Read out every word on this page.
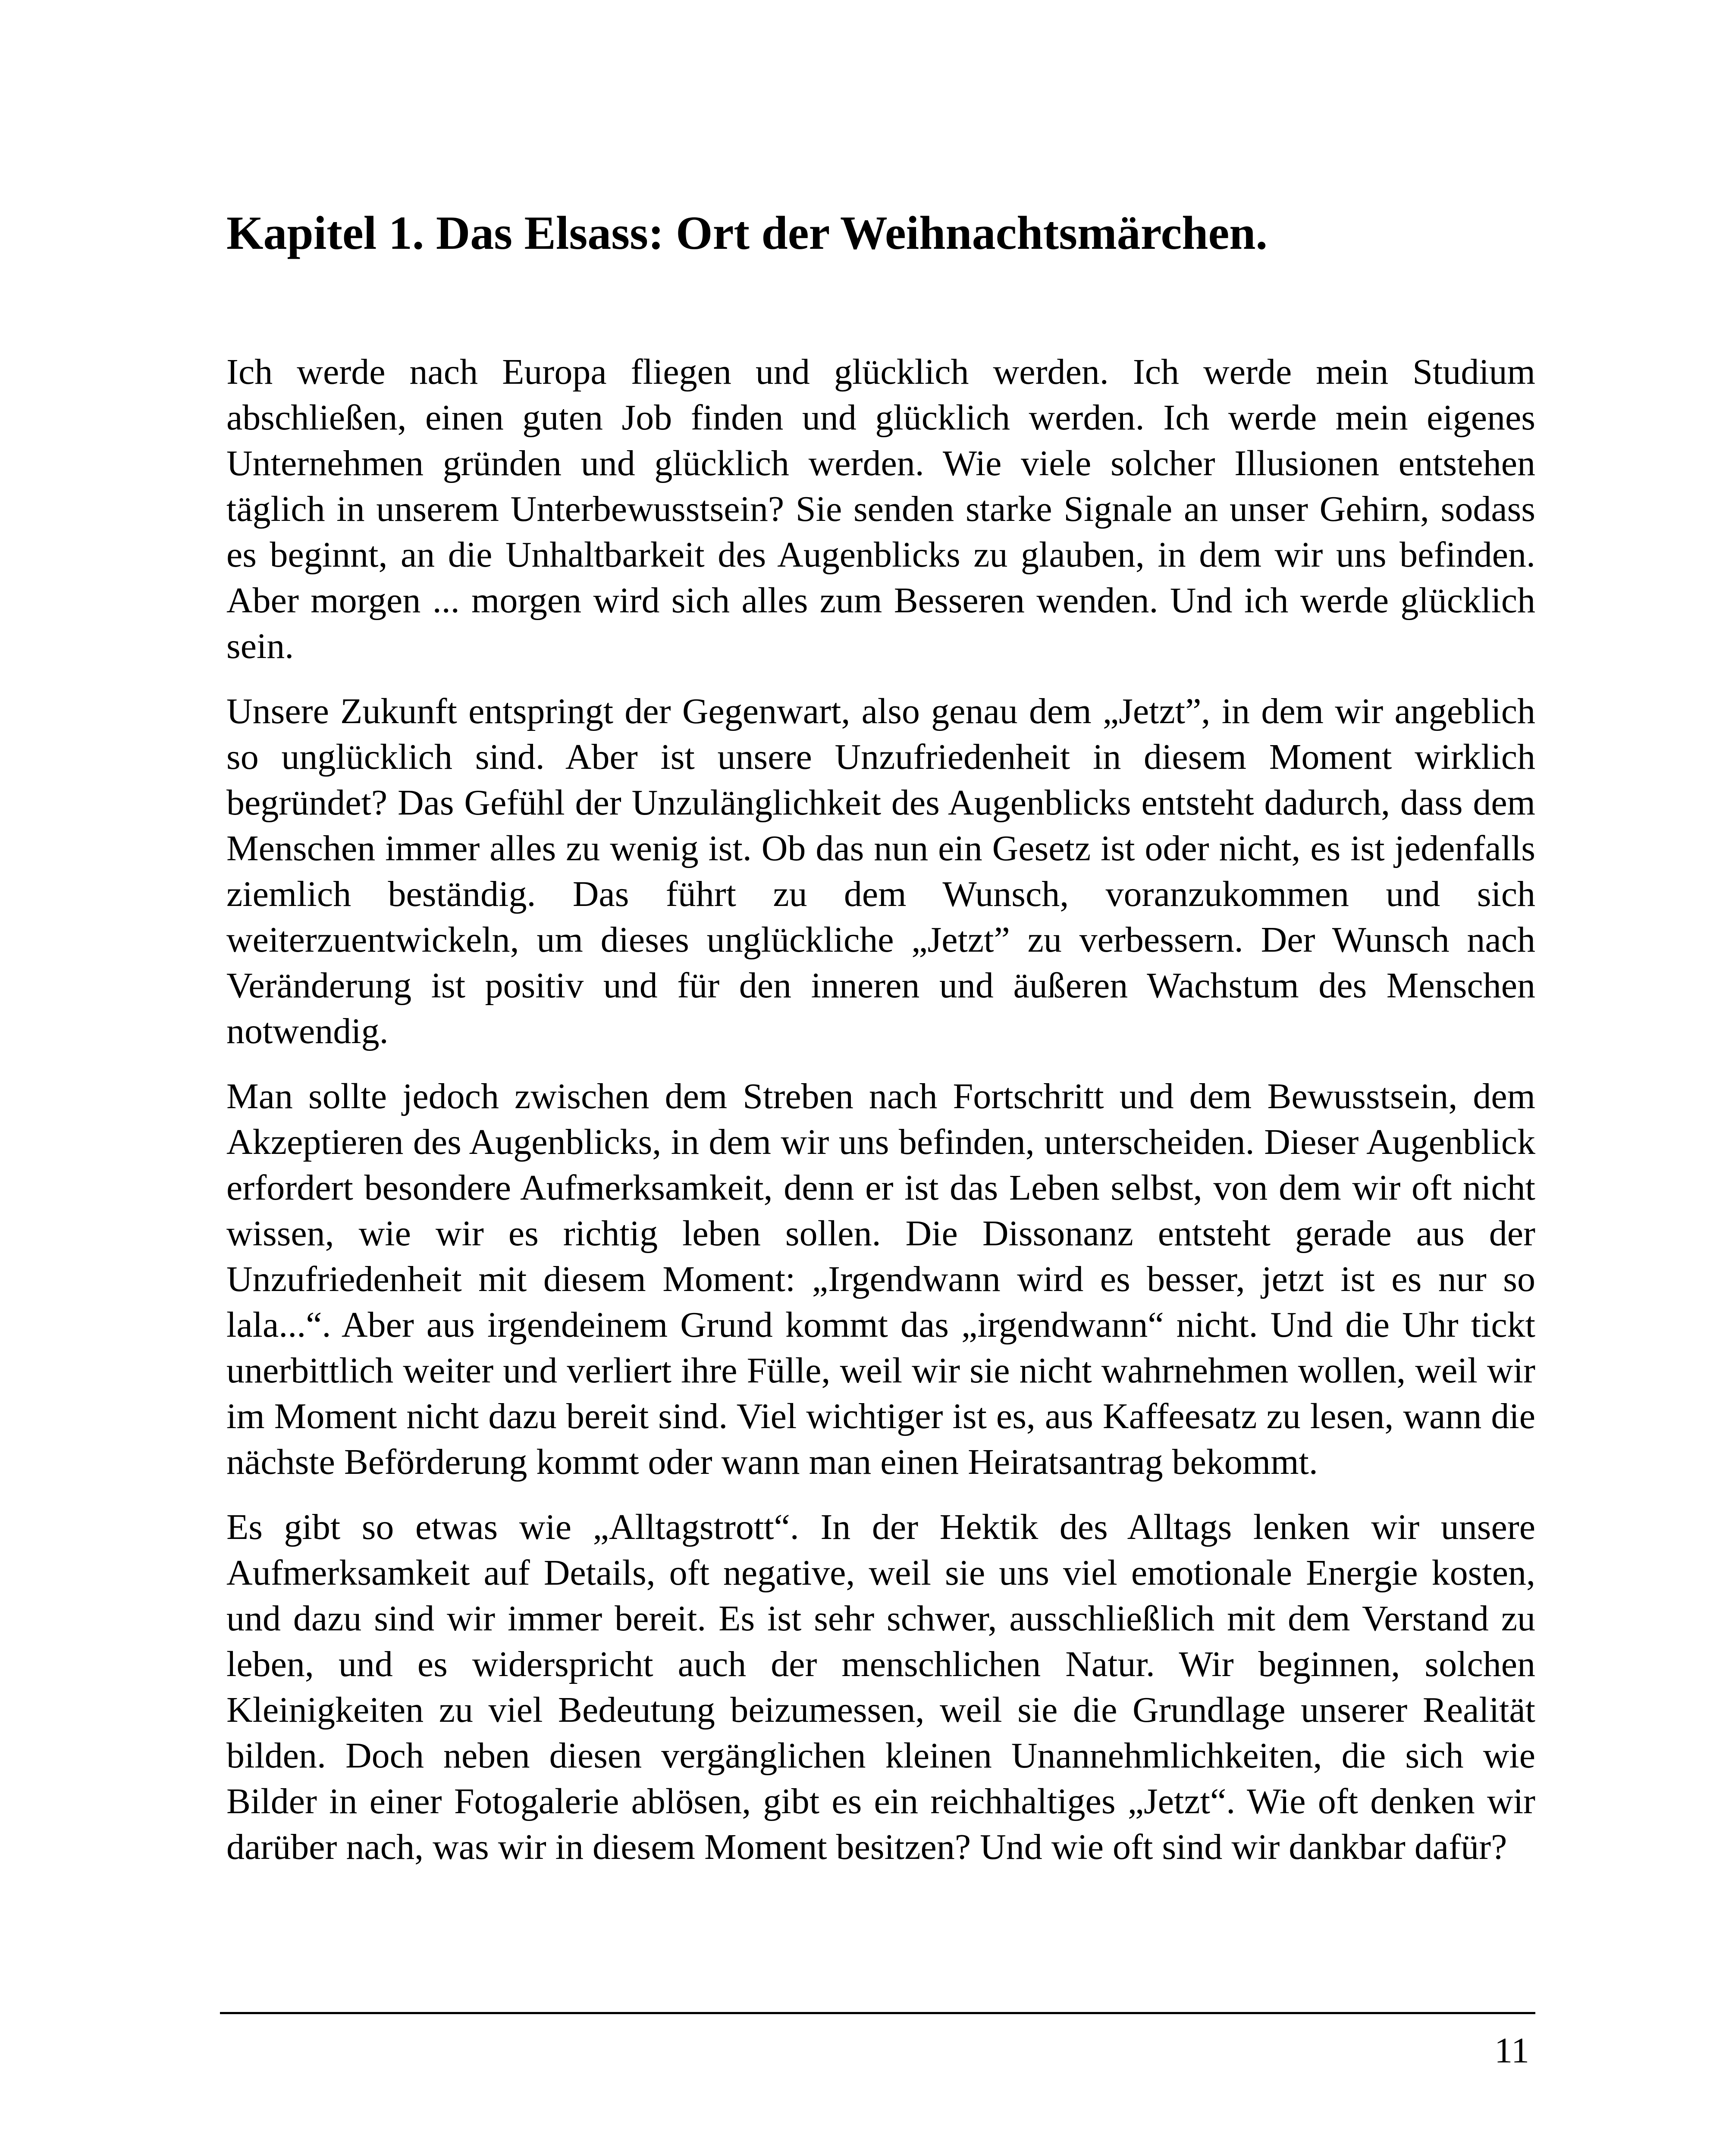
Kapitel 1. Das Elsass: Ort der Weihnachtsmärchen.

Ich werde nach Europa fliegen und glücklich werden. Ich werde mein Studium abschließen, einen guten Job finden und glücklich werden. Ich werde mein eigenes Unternehmen gründen und glücklich werden. Wie viele solcher Illusionen entstehen täglich in unserem Unterbewusstsein? Sie senden starke Signale an unser Gehirn, sodass es beginnt, an die Unhaltbarkeit des Augenblicks zu glauben, in dem wir uns befinden. Aber morgen ... morgen wird sich alles zum Besseren wenden. Und ich werde glücklich sein.

Unsere Zukunft entspringt der Gegenwart, also genau dem „Jetzt”, in dem wir angeblich so unglücklich sind. Aber ist unsere Unzufriedenheit in diesem Moment wirklich begründet? Das Gefühl der Unzulänglichkeit des Augenblicks entsteht dadurch, dass dem Menschen immer alles zu wenig ist. Ob das nun ein Gesetz ist oder nicht, es ist jedenfalls ziemlich beständig. Das führt zu dem Wunsch, voranzukommen und sich weiterzuentwickeln, um dieses unglückliche „Jetzt” zu verbessern. Der Wunsch nach Veränderung ist positiv und für den inneren und äußeren Wachstum des Menschen notwendig.

Man sollte jedoch zwischen dem Streben nach Fortschritt und dem Bewusstsein, dem Akzeptieren des Augenblicks, in dem wir uns befinden, unterscheiden. Dieser Augenblick erfordert besondere Aufmerksamkeit, denn er ist das Leben selbst, von dem wir oft nicht wissen, wie wir es richtig leben sollen. Die Dissonanz entsteht gerade aus der Unzufriedenheit mit diesem Moment: „Irgendwann wird es besser, jetzt ist es nur so lala...“. Aber aus irgendeinem Grund kommt das „irgendwann“ nicht. Und die Uhr tickt unerbittlich weiter und verliert ihre Fülle, weil wir sie nicht wahrnehmen wollen, weil wir im Moment nicht dazu bereit sind. Viel wichtiger ist es, aus Kaffeesatz zu lesen, wann die nächste Beförderung kommt oder wann man einen Heiratsantrag bekommt.

Es gibt so etwas wie „Alltagstrott“. In der Hektik des Alltags lenken wir unsere Aufmerksamkeit auf Details, oft negative, weil sie uns viel emotionale Energie kosten, und dazu sind wir immer bereit. Es ist sehr schwer, ausschließlich mit dem Verstand zu leben, und es widerspricht auch der menschlichen Natur. Wir beginnen, solchen Kleinigkeiten zu viel Bedeutung beizumessen, weil sie die Grundlage unserer Realität bilden. Doch neben diesen vergänglichen kleinen Unannehmlichkeiten, die sich wie Bilder in einer Fotogalerie ablösen, gibt es ein reichhaltiges „Jetzt“. Wie oft denken wir darüber nach, was wir in diesem Moment besitzen? Und wie oft sind wir dankbar dafür?

11
